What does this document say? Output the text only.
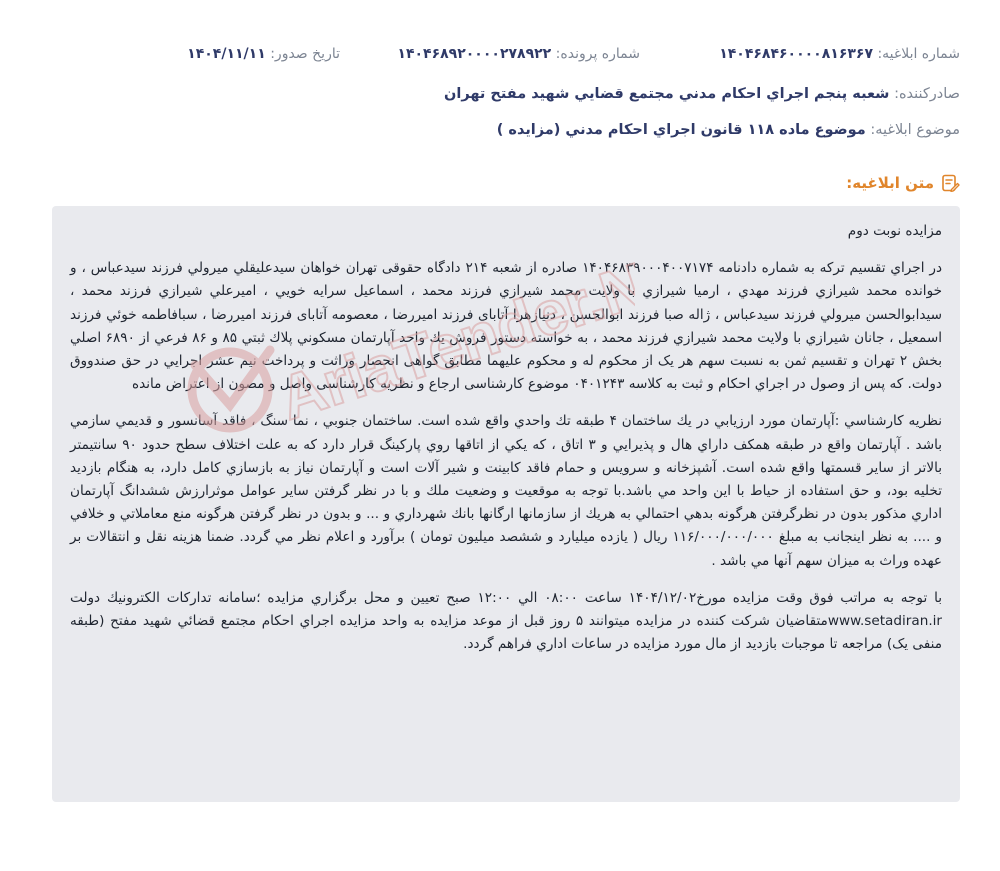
شماره ابلاغيه: ۱۴۰۴۶۸۴۶۰۰۰۰۸۱۶۳۶۷
شماره پرونده: ۱۴۰۴۶۸۹۲۰۰۰۰۲۷۸۹۲۲
تاريخ صدور: ۱۴۰۴/۱۱/۱۱
صادرکننده: شعبه پنجم اجراي احکام مدني مجتمع قضايي شهيد مفتح تهران
موضوع ابلاغيه: موضوع ماده ۱۱۸ قانون اجراي احکام مدني (مزايده )
متن ابلاغيه:

مزايده نوبت دوم

در اجراي تقسيم ترکه به شماره دادنامه ۱۴۰۴۶۸۳۹۰۰۰۴۰۰۷۱۷۴ صادره از شعبه ۲۱۴ دادگاه حقوقی تهران خواهان سيدعليقلي ميرولي فرزند سيدعباس ، و خوانده محمد شيرازي فرزند مهدي ، ارميا شيرازي با ولايت محمد شيرازي فرزند محمد ، اسماعيل سرايه خويي ، اميرعلي شيرازي فرزند محمد ، سيدابوالحسن ميرولي فرزند سيدعباس ، ژاله صبا فرزند ابوالحسن ، دنيازهرا آتابای فرزند اميررضا ، معصومه آتابای فرزند اميررضا ، سبافاطمه خوئي فرزند اسمعيل ، جانان شيرازي با ولايت محمد شيرازي فرزند محمد ، به خواسته دستور فروش يك واحد آپارتمان مسكوني پلاك ثبتي ۸۵ و ۸۶ فرعي از ۶۸۹۰ اصلي بخش ۲ تهران و تقسيم ثمن به نسبت سهم هر يک از محکوم له و محکوم عليهما مطابق گواهی انحصار وراثت و پرداخت نيم عشر اجرايي در حق صندووق دولت. که پس از وصول در اجراي احکام و ثبت به کلاسه ۰۴۰۱۲۴۳ موضوع کارشناسی ارجاع و نظريه کارشناسی واصل و مصون از اعتراض مانده

نظريه کارشناسي :آپارتمان مورد ارزيابي در يك ساختمان ۴ طبقه تك واحدي واقع شده است. ساختمان جنوبي ، نما سنگ ، فاقد آسانسور و قديمي سازمي باشد . آپارتمان واقع در طبقه همكف داراي هال و پذيرايي و ۳ اتاق ، كه يكي از اتاقها روي پاركينگ قرار دارد كه به علت اختلاف سطح حدود ۹۰ سانتيمتر بالاتر از ساير قسمتها واقع شده است. آشپزخانه و سرويس و حمام فاقد كابينت و شير آلات است و آپارتمان نياز به بازسازي كامل دارد، به هنگام بازديد تخليه بود، و حق استفاده از حياط با اين واحد مي باشد.با توجه به موقعيت و وضعيت ملك و با در نظر گرفتن ساير عوامل موثرارزش ششدانگ آپارتمان اداري مذكور بدون در نظرگرفتن هرگونه بدهي احتمالي به هريك از سازمانها ارگانها بانك شهرداري و ... و بدون در نظر گرفتن هرگونه منع معاملاتي و خلافي و .... به نظر اينجانب به مبلغ ۱۱۶/۰۰۰/۰۰۰/۰۰۰ ريال ( يازده ميليارد و ششصد ميليون تومان ) برآورد و اعلام نظر مي گردد. ضمنا هزينه نقل و انتقالات بر عهده وراث به ميزان سهم آنها مي باشد .

با توجه به مراتب فوق وقت مزايده مورخ۱۴۰۴/۱۲/۰۲ ساعت ۰۸:۰۰ الي ۱۲:۰۰ صبح تعيين و محل برگزاري مزايده ؛سامانه تداركات الكترونيك دولت www.setadiran.irمتقاضيان شرکت کننده در مزايده ميتوانند ۵ روز قبل از موعد مزايده به واحد مزايده اجراي احکام مجتمع قضائي شهيد مفتح (طبقه منفی يک) مراجعه تا موجبات بازديد از مال مورد مزايده در ساعات اداري فراهم گردد.

AriaTender.NeT
